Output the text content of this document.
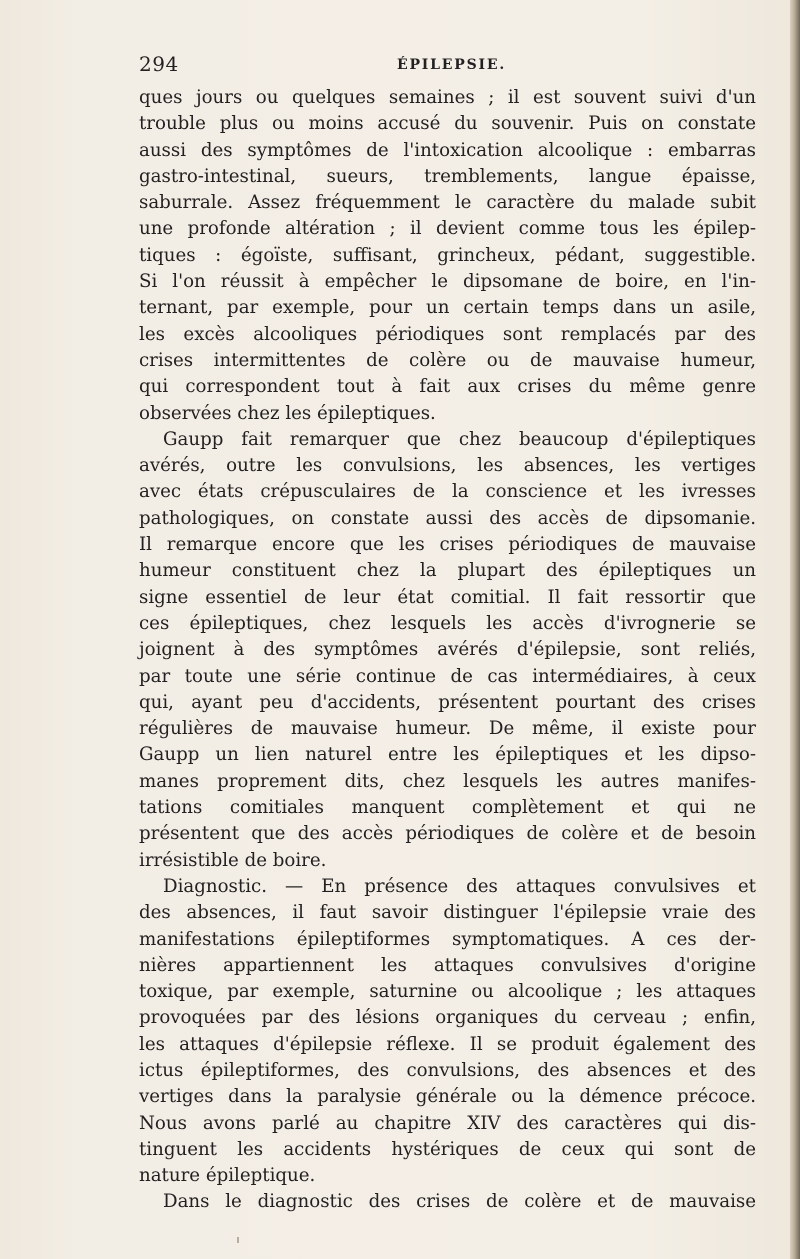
294	ÉPILEPSIE.
ques jours ou quelques semaines ; il est souvent suivi d'un
trouble plus ou moins accusé du souvenir. Puis on constate
aussi des symptômes de l'intoxication alcoolique : embarras
gastro-intestinal, sueurs, tremblements, langue épaisse,
saburrale. Assez fréquemment le caractère du malade subit
une profonde altération ; il devient comme tous les épilep-
tiques : égoïste, suffisant, grincheux, pédant, suggestible.
Si l'on réussit à empêcher le dipsomane de boire, en l'in-
ternant, par exemple, pour un certain temps dans un asile,
les excès alcooliques périodiques sont remplacés par des
crises intermittentes de colère ou de mauvaise humeur,
qui correspondent tout à fait aux crises du même genre
observées chez les épileptiques.
Gaupp fait remarquer que chez beaucoup d'épileptiques
avérés, outre les convulsions, les absences, les vertiges
avec états crépusculaires de la conscience et les ivresses
pathologiques, on constate aussi des accès de dipsomanie.
Il remarque encore que les crises périodiques de mauvaise
humeur constituent chez la plupart des épileptiques un
signe essentiel de leur état comitial. Il fait ressortir que
ces épileptiques, chez lesquels les accès d'ivrognerie se
joignent à des symptômes avérés d'épilepsie, sont reliés,
par toute une série continue de cas intermédiaires, à ceux
qui, ayant peu d'accidents, présentent pourtant des crises
régulières de mauvaise humeur. De même, il existe pour
Gaupp un lien naturel entre les épileptiques et les dipso-
manes proprement dits, chez lesquels les autres manifes-
tations comitiales manquent complètement et qui ne
présentent que des accès périodiques de colère et de besoin
irrésistible de boire.
Diagnostic. — En présence des attaques convulsives et
des absences, il faut savoir distinguer l'épilepsie vraie des
manifestations épileptiformes symptomatiques. A ces der-
nières appartiennent les attaques convulsives d'origine
toxique, par exemple, saturnine ou alcoolique ; les attaques
provoquées par des lésions organiques du cerveau ; enfin,
les attaques d'épilepsie réflexe. Il se produit également des
ictus épileptiformes, des convulsions, des absences et des
vertiges dans la paralysie générale ou la démence précoce.
Nous avons parlé au chapitre XIV des caractères qui dis-
tinguent les accidents hystériques de ceux qui sont de
nature épileptique.
Dans le diagnostic des crises de colère et de mauvaise
